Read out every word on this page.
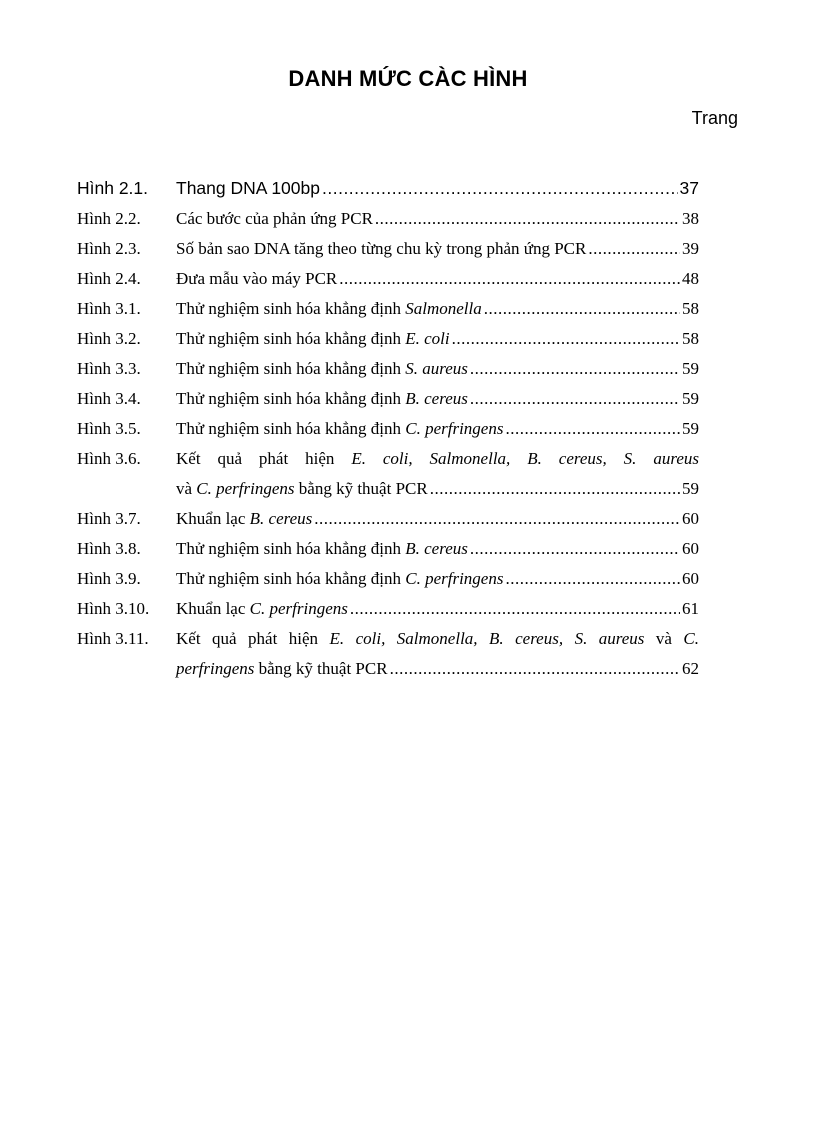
DANH MỨC CÀC HÌNH
Trang
Hình 2.1.	Thang DNA 100bp .....	37
Hình 2.2.	Các bước của phản ứng PCR .....	38
Hình 2.3.	Số bản sao DNA tăng theo từng chu kỳ trong phản ứng PCR .....	39
Hình 2.4.	Đưa mẫu vào máy PCR .....	48
Hình 3.1.	Thử nghiệm sinh hóa khẳng định Salmonella .....	58
Hình 3.2.	Thử nghiệm sinh hóa khẳng định E. coli .....	58
Hình 3.3.	Thử nghiệm sinh hóa khẳng định S. aureus .....	59
Hình 3.4.	Thử nghiệm sinh hóa khẳng định B. cereus .....	59
Hình 3.5.	Thử nghiệm sinh hóa khẳng định C. perfringens .....	59
Hình 3.6.	Kết quả phát hiện E. coli, Salmonella, B. cereus, S. aureus
và C. perfringens bằng kỹ thuật PCR .....	59
Hình 3.7.	Khuẩn lạc B. cereus .....	60
Hình 3.8.	Thử nghiệm sinh hóa khẳng định B. cereus .....	60
Hình 3.9.	Thử nghiệm sinh hóa khẳng định C. perfringens .....	60
Hình 3.10.	Khuẩn lạc C. perfringens .....	61
Hình 3.11.	Kết quả phát hiện E. coli, Salmonella, B. cereus, S. aureus và C.
perfringens bằng kỹ thuật PCR .....	62
